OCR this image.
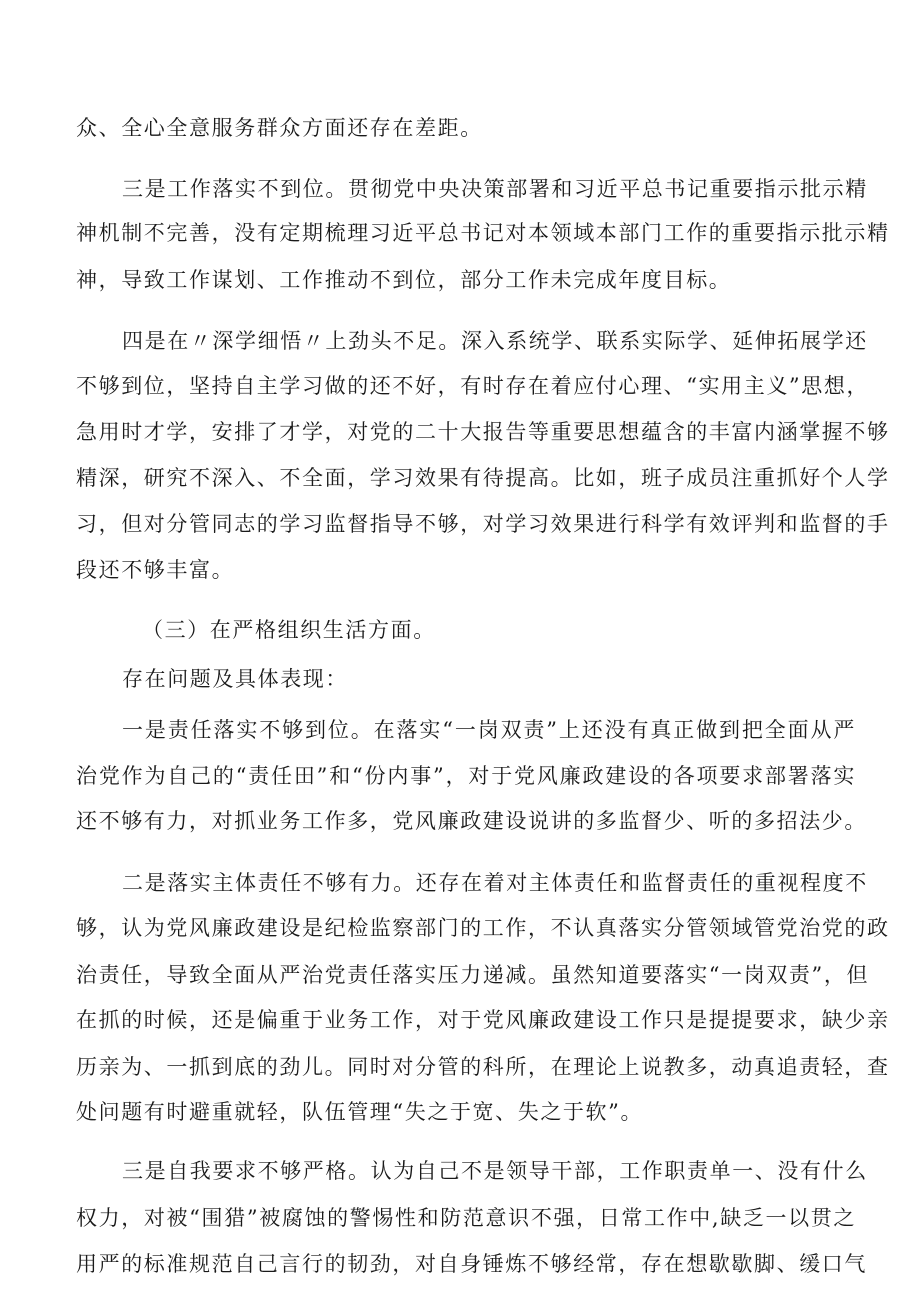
众、全心全意服务群众方面还存在差距。
三是工作落实不到位。贯彻党中央决策部署和习近平总书记重要指示批示精
神机制不完善，没有定期梳理习近平总书记对本领域本部门工作的重要指示批示精
神，导致工作谋划、工作推动不到位，部分工作未完成年度目标。
四是在〃深学细悟〃上劲头不足。深入系统学、联系实际学、延伸拓展学还
不够到位，坚持自主学习做的还不好，有时存在着应付心理、“实用主义”思想，
急用时才学，安排了才学，对党的二十大报告等重要思想蕴含的丰富内涵掌握不够
精深，研究不深入、不全面，学习效果有待提高。比如，班子成员注重抓好个人学
习，但对分管同志的学习监督指导不够，对学习效果进行科学有效评判和监督的手
段还不够丰富。
（三）在严格组织生活方面。
存在问题及具体表现：
一是责任落实不够到位。在落实“一岗双责”上还没有真正做到把全面从严
治党作为自己的“责任田”和“份内事”，对于党风廉政建设的各项要求部署落实
还不够有力，对抓业务工作多，党风廉政建设说讲的多监督少、听的多招法少。
二是落实主体责任不够有力。还存在着对主体责任和监督责任的重视程度不
够，认为党风廉政建设是纪检监察部门的工作，不认真落实分管领域管党治党的政
治责任，导致全面从严治党责任落实压力递减。虽然知道要落实“一岗双责”，但
在抓的时候，还是偏重于业务工作，对于党风廉政建设工作只是提提要求，缺少亲
历亲为、一抓到底的劲儿。同时对分管的科所，在理论上说教多，动真追责轻，查
处问题有时避重就轻，队伍管理“失之于宽、失之于软”。
三是自我要求不够严格。认为自己不是领导干部，工作职责单一、没有什么
权力，对被“围猎”被腐蚀的警惕性和防范意识不强，日常工作中,缺乏一以贯之
用严的标准规范自己言行的韧劲，对自身锤炼不够经常，存在想歇歇脚、缓口气
